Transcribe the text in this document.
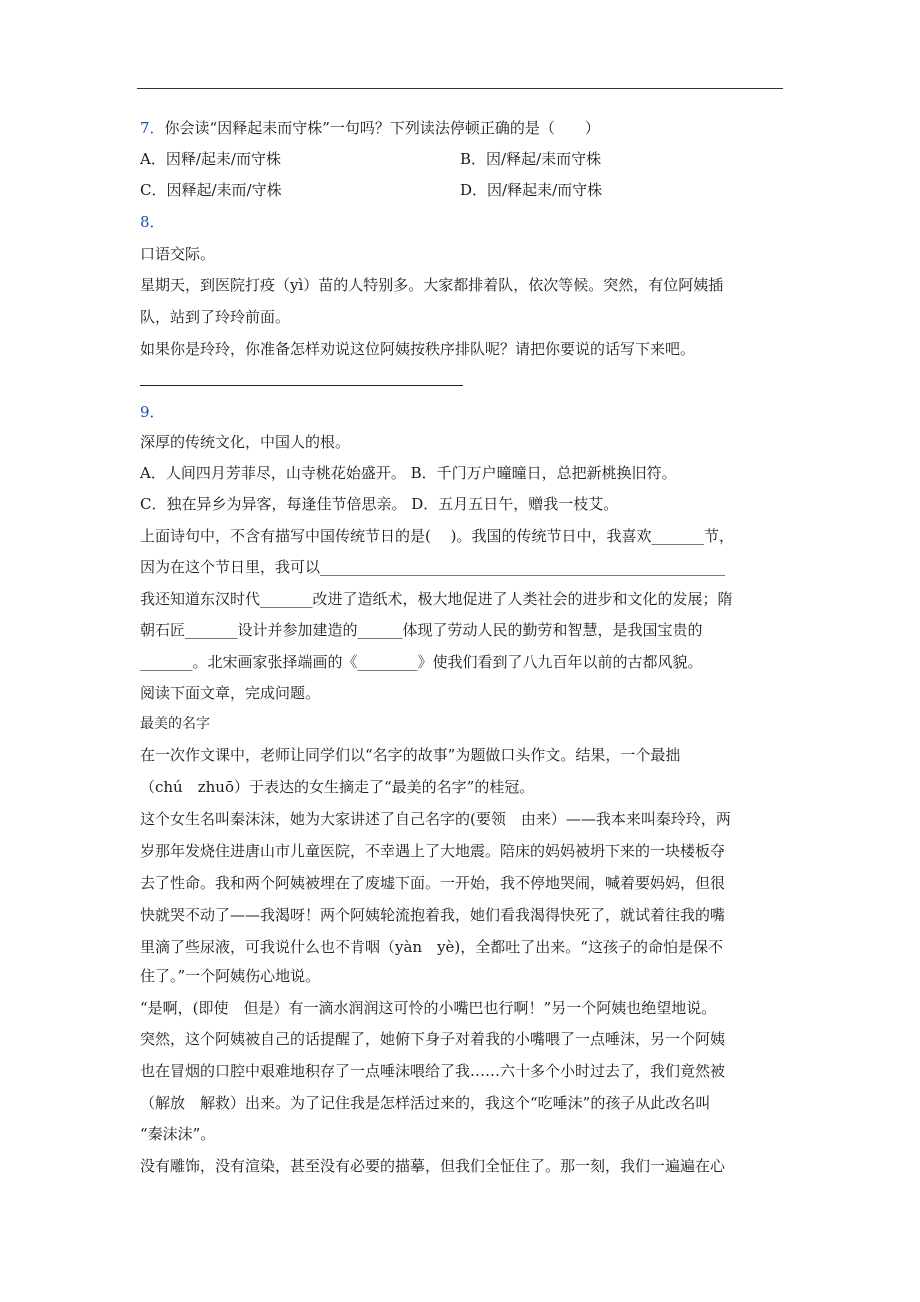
7．你会读“因释起耒而守株”一句吗？下列读法停顿正确的是（　　）
A．因释/起耒/而守株	B．因/释起/耒而守株
C．因释起/耒而/守株	D．因/释起耒/而守株
8．
口语交际。
星期天，到医院打疫（yì）苗的人特别多。大家都排着队，依次等候。突然，有位阿姨插
队，站到了玲玲前面。
如果你是玲玲，你准备怎样劝说这位阿姨按秩序排队呢？请把你要说的话写下来吧。
9．
深厚的传统文化，中国人的根。
A．人间四月芳菲尽，山寺桃花始盛开。 B．千门万户曈曈日，总把新桃换旧符。
C．独在异乡为异客，每逢佳节倍思亲。 D．五月五日午，赠我一枝艾。
上面诗句中，不含有描写中国传统节日的是(　 )。我国的传统节日中，我喜欢_______节，
因为在这个节日里，我可以______________________________________________________
我还知道东汉时代_______改进了造纸术，极大地促进了人类社会的进步和文化的发展；隋
朝石匠_______设计并参加建造的______体现了劳动人民的勤劳和智慧，是我国宝贵的
_______。北宋画家张择端画的《________》使我们看到了八九百年以前的古都风貌。
阅读下面文章，完成问题。
最美的名字
在一次作文课中，老师让同学们以“名字的故事”为题做口头作文。结果，一个最拙
（chú　zhuō）于表达的女生摘走了“最美的名字”的桂冠。
这个女生名叫秦沫沫，她为大家讲述了自己名字的(要领　由来）——我本来叫秦玲玲，两
岁那年发烧住进唐山市儿童医院，不幸遇上了大地震。陪床的妈妈被坍下来的一块楼板夺
去了性命。我和两个阿姨被埋在了废墟下面。一开始，我不停地哭闹，喊着要妈妈，但很
快就哭不动了——我渴呀！两个阿姨轮流抱着我，她们看我渴得快死了，就试着往我的嘴
里滴了些尿液，可我说什么也不肯咽（yàn　yè)，全都吐了出来。“这孩子的命怕是保不
住了。”一个阿姨伤心地说。
“是啊，(即使　但是）有一滴水润润这可怜的小嘴巴也行啊！”另一个阿姨也绝望地说。
突然，这个阿姨被自己的话提醒了，她俯下身子对着我的小嘴喂了一点唾沫，另一个阿姨
也在冒烟的口腔中艰难地积存了一点唾沫喂给了我……六十多个小时过去了，我们竟然被
（解放　解救）出来。为了记住我是怎样活过来的，我这个“吃唾沫”的孩子从此改名叫
“秦沫沫”。
没有雕饰，没有渲染，甚至没有必要的描摹，但我们全怔住了。那一刻，我们一遍遍在心
